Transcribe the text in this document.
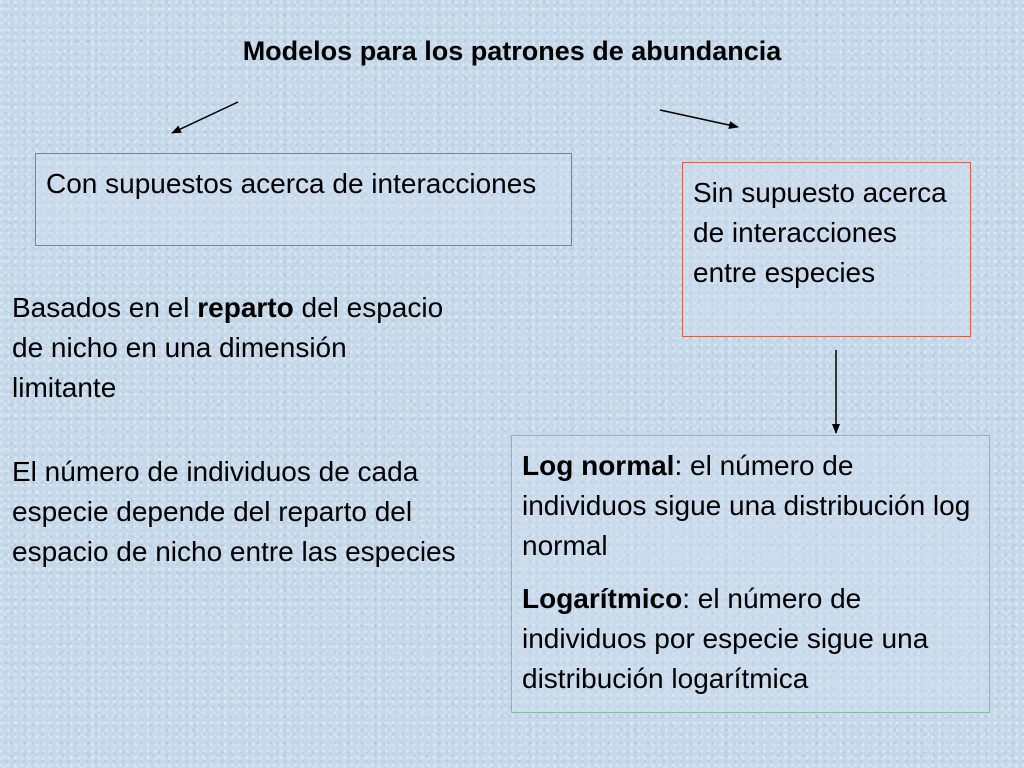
Modelos para los patrones de abundancia
Con supuestos acerca de interacciones	Sin supuesto acerca de interacciones entre especies
Basados en el reparto del espacio de nicho en una dimensión limitante
El número de individuos de cada especie depende del reparto del espacio de nicho entre las especies

Log normal: el número de individuos sigue una distribución log normal

Logarítmico: el número de individuos por especie sigue una distribución logarítmica
